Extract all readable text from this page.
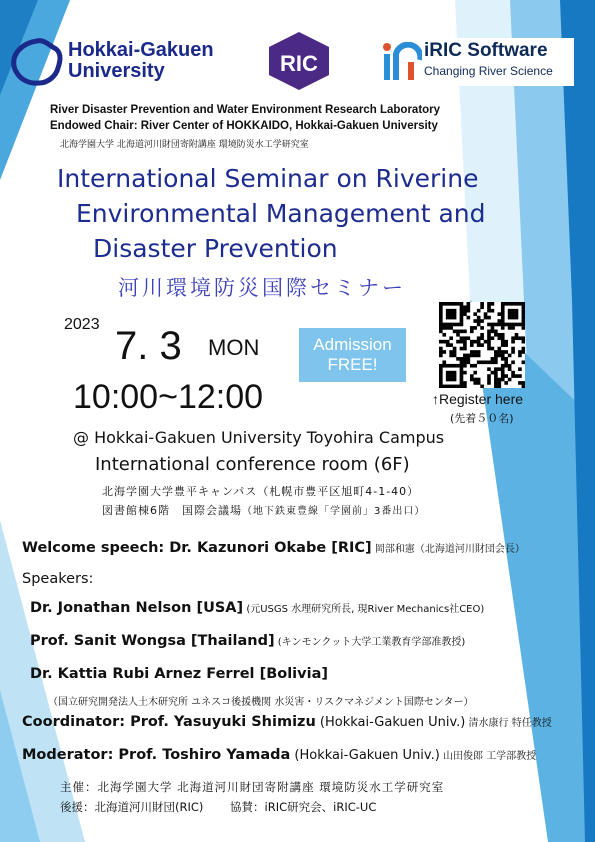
Hokkai-Gakuen
University	RIC
iRIC Software
Changing River Science
River Disaster Prevention and Water Environment Research Laboratory
Endowed Chair: River Center of HOKKAIDO, Hokkai-Gakuen University
北海学園大学 北海道河川財団寄附講座 環境防災水工学研究室
International Seminar on Riverine
Environmental Management and
Disaster Prevention
河川環境防災国際セミナー
2023 7. 3 MON
10:00~12:00
Admission
FREE!
↑Register here
(先着５０名)
@ Hokkai-Gakuen University Toyohira Campus
International conference room (6F)
北海学園大学豊平キャンパス（札幌市豊平区旭町4-1-40）
図書館棟6階　国際会議場（地下鉄東豊線「学園前」3番出口）
Welcome speech: Dr. Kazunori Okabe [RIC] 岡部和憲（北海道河川財団会長）
Speakers:
Dr. Jonathan Nelson [USA] (元USGS 水理研究所長, 現River Mechanics社CEO)
Prof. Sanit Wongsa [Thailand] (キンモンクット大学工業教育学部准教授)
Dr. Kattia Rubi Arnez Ferrel [Bolivia]
（国立研究開発法人土木研究所 ユネスコ後援機関 水災害・リスクマネジメント国際センター）
Coordinator: Prof. Yasuyuki Shimizu (Hokkai-Gakuen Univ.) 清水康行 特任教授
Moderator: Prof. Toshiro Yamada (Hokkai-Gakuen Univ.) 山田俊郎 工学部教授
主催：北海学園大学 北海道河川財団寄附講座 環境防災水工学研究室
後援：北海道河川財団(RIC)　　 協賛：iRIC研究会、iRIC-UC
